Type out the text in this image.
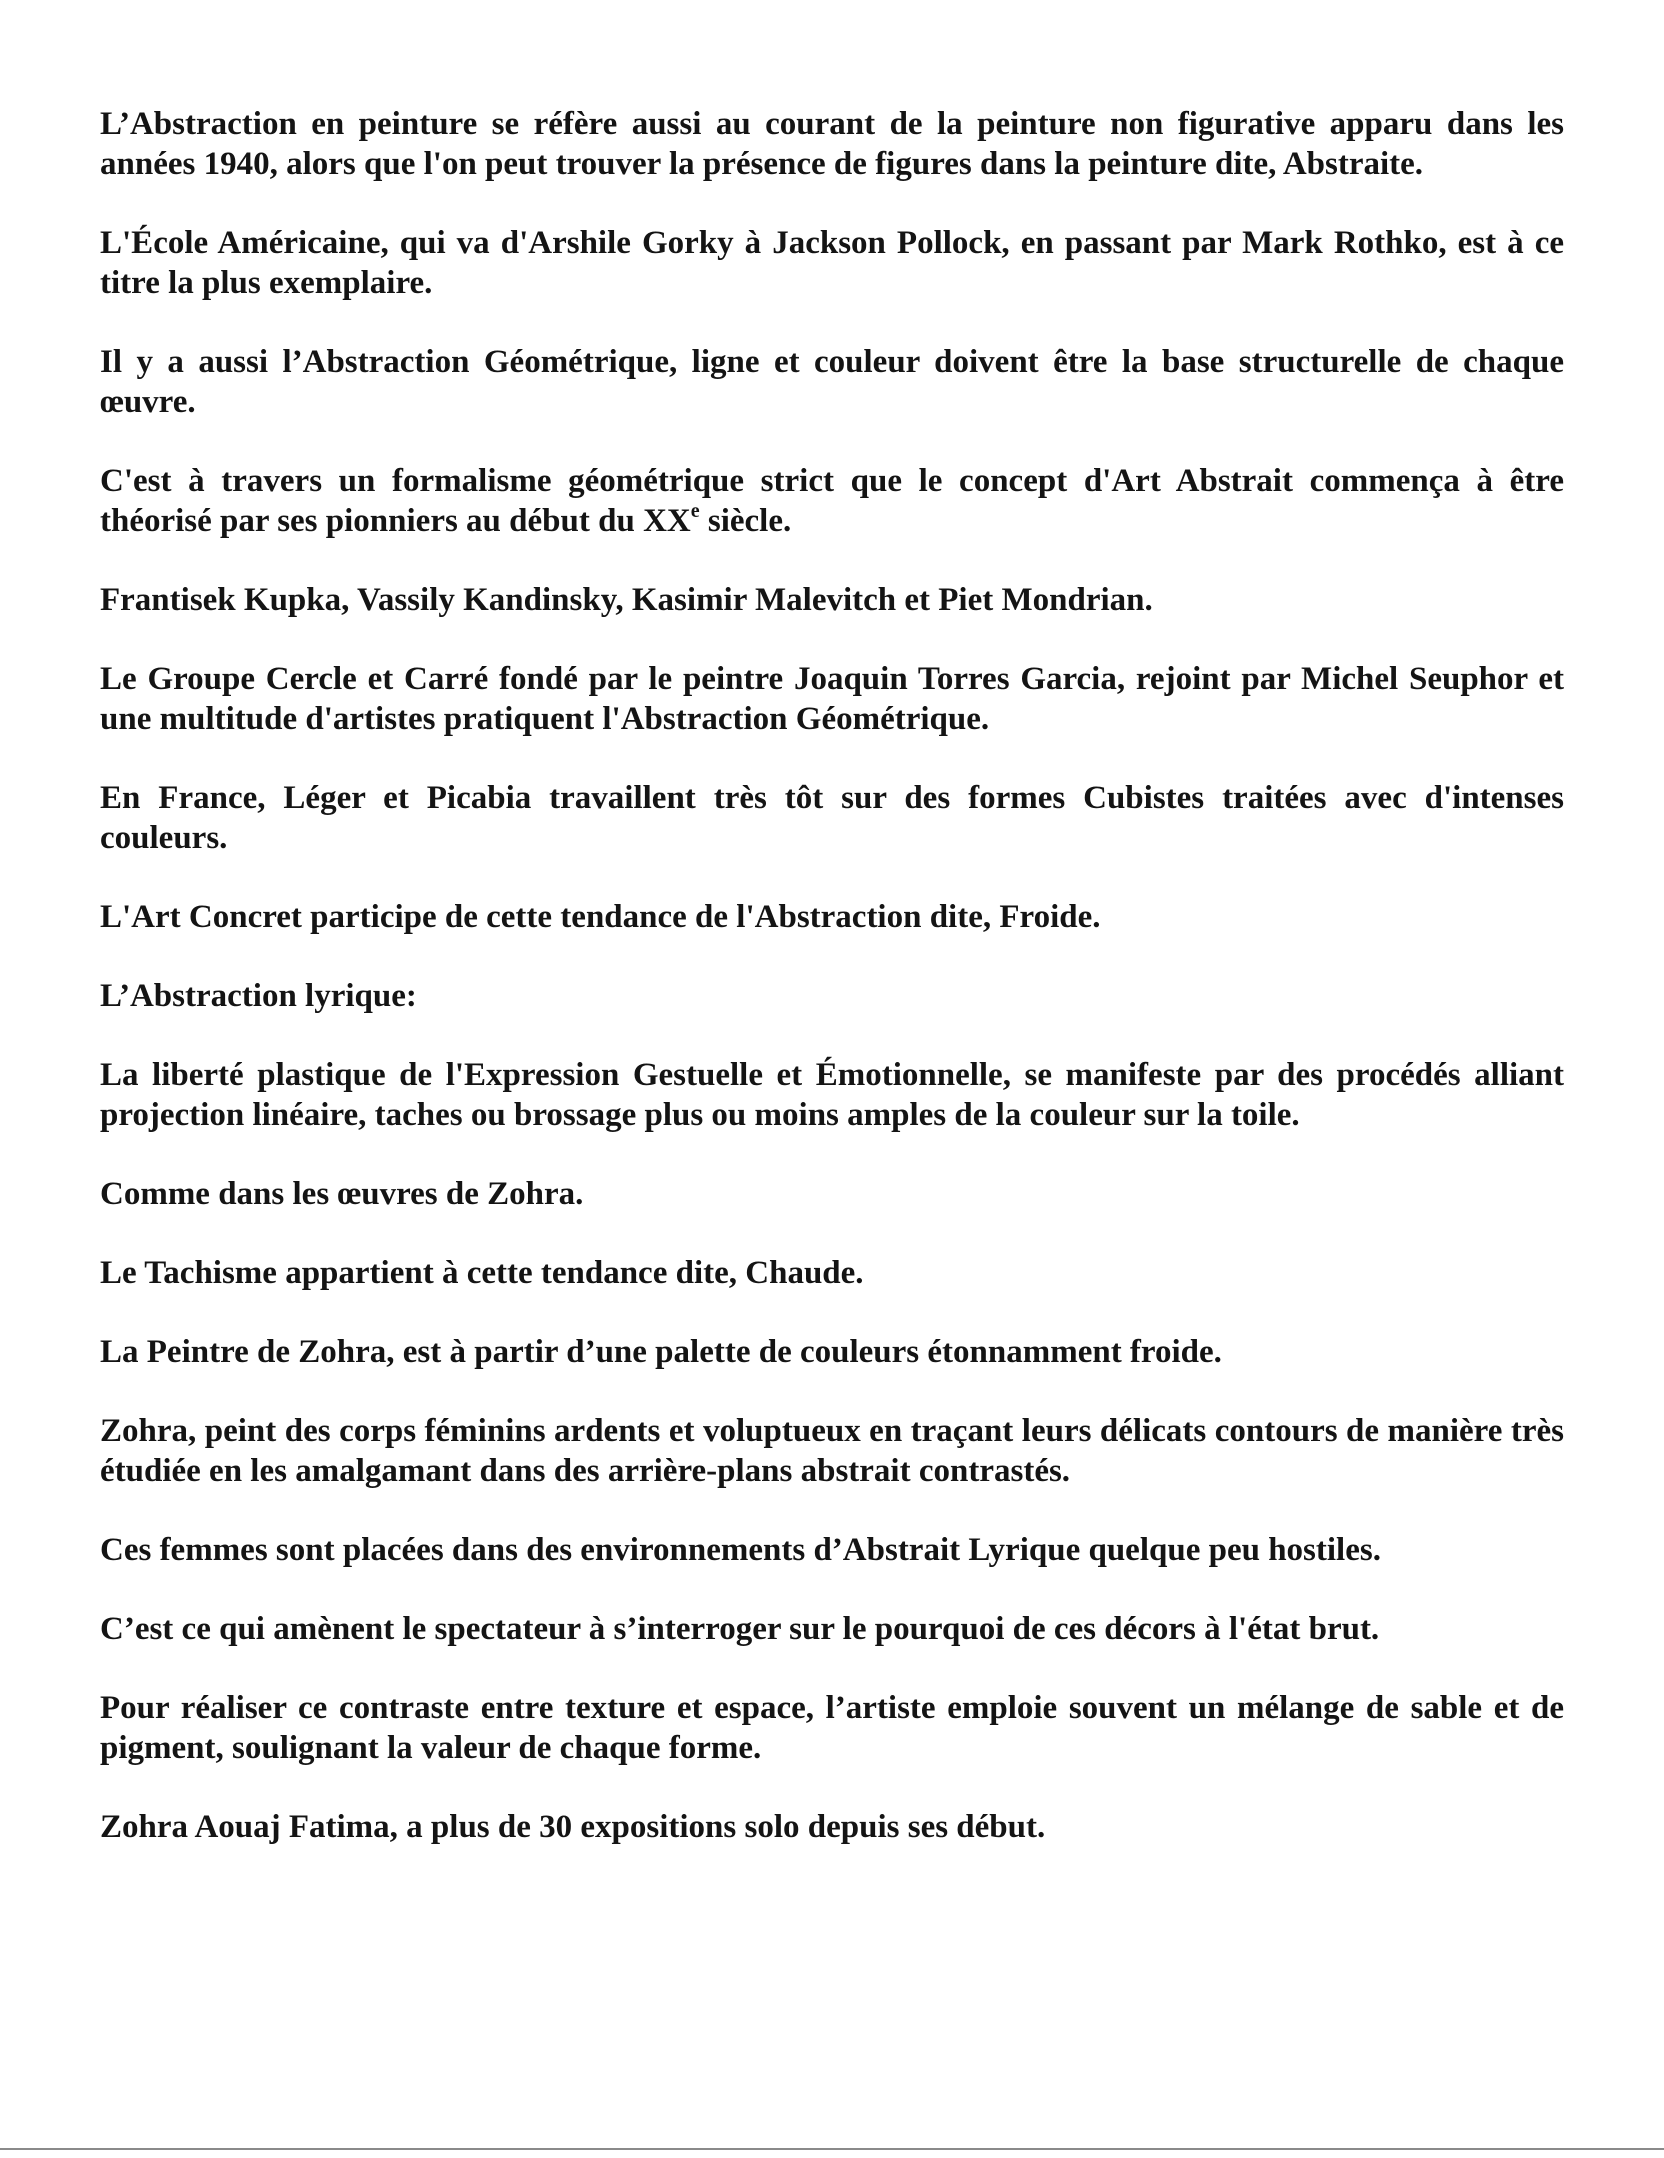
L’Abstraction en peinture se réfère aussi au courant de la peinture non figurative apparu dans les années 1940, alors que l'on peut trouver la présence de figures dans la peinture dite, Abstraite.

L'École Américaine, qui va d'Arshile Gorky à Jackson Pollock, en passant par Mark Rothko, est à ce titre la plus exemplaire.

Il y a aussi l’Abstraction Géométrique, ligne et couleur doivent être la base structurelle de chaque œuvre.

C'est à travers un formalisme géométrique strict que le concept d'Art Abstrait commença à être théorisé par ses pionniers au début du XXe siècle.

Frantisek Kupka, Vassily Kandinsky, Kasimir Malevitch et Piet Mondrian.

Le Groupe Cercle et Carré fondé par le peintre Joaquin Torres Garcia, rejoint par Michel Seuphor et une multitude d'artistes pratiquent l'Abstraction Géométrique.

En France, Léger et Picabia travaillent très tôt sur des formes Cubistes traitées avec d'intenses couleurs.

L'Art Concret participe de cette tendance de l'Abstraction dite, Froide.

L’Abstraction lyrique:

La liberté plastique de l'Expression Gestuelle et Émotionnelle, se manifeste par des procédés alliant projection linéaire, taches ou brossage plus ou moins amples de la couleur sur la toile.

Comme dans les œuvres de Zohra.

Le Tachisme appartient à cette tendance dite, Chaude.

La Peintre de Zohra, est à partir d’une palette de couleurs étonnamment froide.

Zohra, peint des corps féminins ardents et voluptueux en traçant leurs délicats contours de manière très étudiée en les amalgamant dans des arrière-plans abstrait contrastés.

Ces femmes sont placées dans des environnements d’Abstrait Lyrique quelque peu hostiles.

C’est ce qui amènent le spectateur à s’interroger sur le pourquoi de ces décors à l'état brut.

Pour réaliser ce contraste entre texture et espace, l’artiste emploie souvent un mélange de sable et de pigment, soulignant la valeur de chaque forme.

Zohra Aouaj Fatima, a plus de 30 expositions solo depuis ses début.
